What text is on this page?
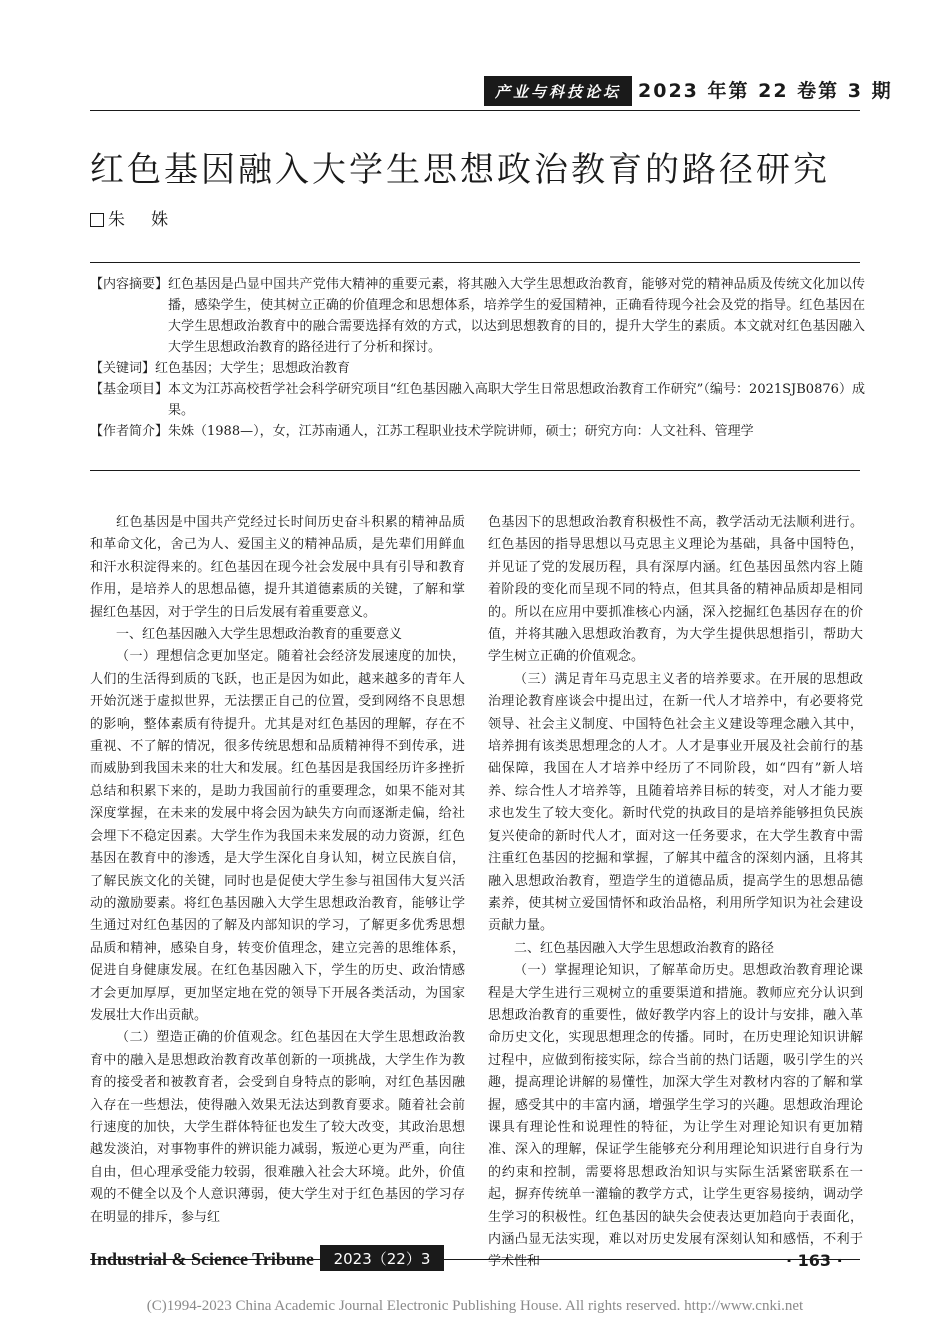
产业与科技论坛 2023 年第 22 卷第 3 期
红色基因融入大学生思想政治教育的路径研究
朱 姝
【内容摘要】 红色基因是凸显中国共产党伟大精神的重要元素，将其融入大学生思想政治教育，能够对党的精神品质及传统文化加以传播，感染学生，使其树立正确的价值理念和思想体系，培养学生的爱国精神，正确看待现今社会及党的指导。红色基因在大学生思想政治教育中的融合需要选择有效的方式，以达到思想教育的目的，提升大学生的素质。本文就对红色基因融入大学生思想政治教育的路径进行了分析和探讨。
【关键词】 红色基因；大学生；思想政治教育
【基金项目】 本文为江苏高校哲学社会科学研究项目“红色基因融入高职大学生日常思想政治教育工作研究”（编号：2021SJB0876）成果。
【作者简介】 朱姝（1988—），女，江苏南通人，江苏工程职业技术学院讲师，硕士；研究方向：人文社科、管理学

红色基因是中国共产党经过长时间历史奋斗积累的精神品质和革命文化，舍己为人、爱国主义的精神品质，是先辈们用鲜血和汗水积淀得来的。红色基因在现今社会发展中具有引导和教育作用，是培养人的思想品德，提升其道德素质的关键，了解和掌握红色基因，对于学生的日后发展有着重要意义。

一、红色基因融入大学生思想政治教育的重要意义

（一）理想信念更加坚定。随着社会经济发展速度的加快，人们的生活得到质的飞跃，也正是因为如此，越来越多的青年人开始沉迷于虚拟世界，无法摆正自己的位置，受到网络不良思想的影响，整体素质有待提升。尤其是对红色基因的理解，存在不重视、不了解的情况，很多传统思想和品质精神得不到传承，进而威胁到我国未来的壮大和发展。红色基因是我国经历许多挫折总结和积累下来的，是助力我国前行的重要理念，如果不能对其深度掌握，在未来的发展中将会因为缺失方向而逐渐走偏，给社会埋下不稳定因素。大学生作为我国未来发展的动力资源，红色基因在教育中的渗透，是大学生深化自身认知，树立民族自信，了解民族文化的关键，同时也是促使大学生参与祖国伟大复兴活动的激励要素。将红色基因融入大学生思想政治教育，能够让学生通过对红色基因的了解及内部知识的学习，了解更多优秀思想品质和精神，感染自身，转变价值理念，建立完善的思维体系，促进自身健康发展。在红色基因融入下，学生的历史、政治情感才会更加厚厚，更加坚定地在党的领导下开展各类活动，为国家发展壮大作出贡献。

（二）塑造正确的价值观念。红色基因在大学生思想政治教育中的融入是思想政治教育改革创新的一项挑战，大学生作为教育的接受者和被教育者，会受到自身特点的影响，对红色基因融入存在一些想法，使得融入效果无法达到教育要求。随着社会前行速度的加快，大学生群体特征也发生了较大改变，其政治思想越发淡泊，对事物事件的辨识能力减弱，叛逆心更为严重，向往自由，但心理承受能力较弱，很难融入社会大环境。此外，价值观的不健全以及个人意识薄弱，使大学生对于红色基因的学习存在明显的排斥，参与红

色基因下的思想政治教育积极性不高，教学活动无法顺利进行。红色基因的指导思想以马克思主义理论为基础，具备中国特色，并见证了党的发展历程，具有深厚内涵。红色基因虽然内容上随着阶段的变化而呈现不同的特点，但其具备的精神品质却是相同的。所以在应用中要抓准核心内涵，深入挖掘红色基因存在的价值，并将其融入思想政治教育，为大学生提供思想指引，帮助大学生树立正确的价值观念。

（三）满足青年马克思主义者的培养要求。在开展的思想政治理论教育座谈会中提出过，在新一代人才培养中，有必要将党领导、社会主义制度、中国特色社会主义建设等理念融入其中，培养拥有该类思想理念的人才。人才是事业开展及社会前行的基础保障，我国在人才培养中经历了不同阶段，如“四有”新人培养、综合性人才培养等，且随着培养目标的转变，对人才能力要求也发生了较大变化。新时代党的执政目的是培养能够担负民族复兴使命的新时代人才，面对这一任务要求，在大学生教育中需注重红色基因的挖掘和掌握，了解其中蕴含的深刻内涵，且将其融入思想政治教育，塑造学生的道德品质，提高学生的思想品德素养，使其树立爱国情怀和政治品格，利用所学知识为社会建设贡献力量。

二、红色基因融入大学生思想政治教育的路径

（一）掌握理论知识，了解革命历史。思想政治教育理论课程是大学生进行三观树立的重要渠道和措施。教师应充分认识到思想政治教育的重要性，做好教学内容上的设计与安排，融入革命历史文化，实现思想理念的传播。同时，在历史理论知识讲解过程中，应做到衔接实际，综合当前的热门话题，吸引学生的兴趣，提高理论讲解的易懂性，加深大学生对教材内容的了解和掌握，感受其中的丰富内涵，增强学生学习的兴趣。思想政治理论课具有理论性和说理性的特征，为让学生对理论知识有更加精准、深入的理解，保证学生能够充分利用理论知识进行自身行为的约束和控制，需要将思想政治知识与实际生活紧密联系在一起，摒弃传统单一灌输的教学方式，让学生更容易接纳，调动学生学习的积极性。红色基因的缺失会使表达更加趋向于表面化，内涵凸显无法实现，难以对历史发展有深刻认知和感悟，不利于学术性和

Industrial & Science Tribune	2023（22）3	· 163 ·
(C)1994-2023 China Academic Journal Electronic Publishing House. All rights reserved. http://www.cnki.net
